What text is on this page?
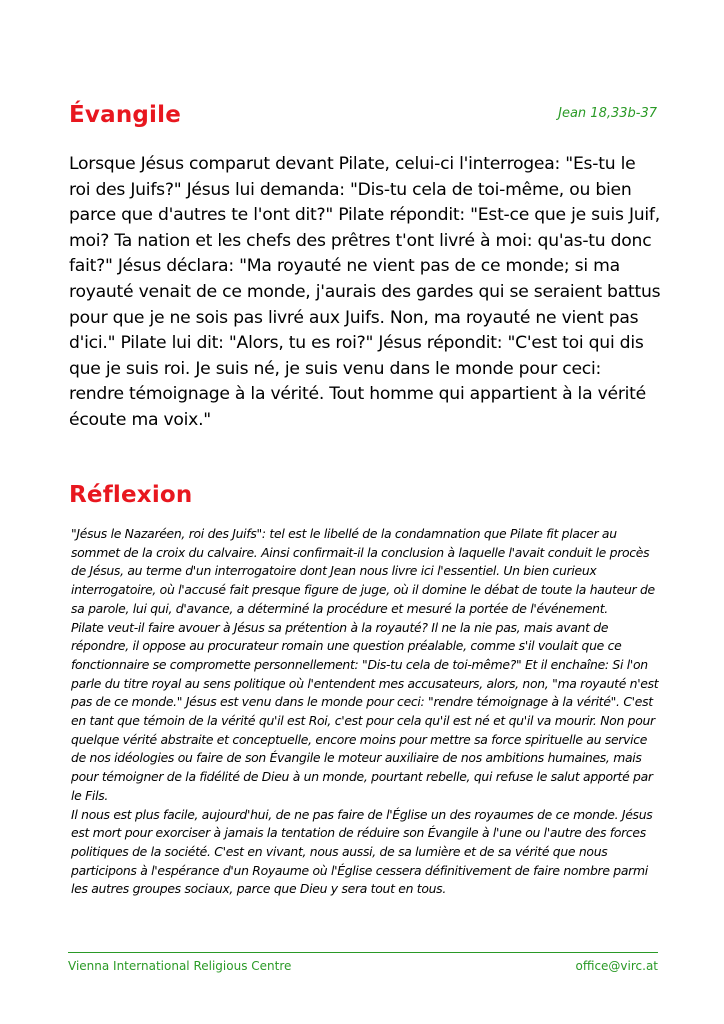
Évangile	Jean 18,33b-37

Lorsque Jésus comparut devant Pilate, celui-ci l'interrogea: "Es-tu le roi des Juifs?" Jésus lui demanda: "Dis-tu cela de toi-même, ou bien parce que d'autres te l'ont dit?" Pilate répondit: "Est-ce que je suis Juif, moi? Ta nation et les chefs des prêtres t'ont livré à moi: qu'as-tu donc fait?" Jésus déclara: "Ma royauté ne vient pas de ce monde; si ma royauté venait de ce monde, j'aurais des gardes qui se seraient battus pour que je ne sois pas livré aux Juifs. Non, ma royauté ne vient pas d'ici." Pilate lui dit: "Alors, tu es roi?" Jésus répondit: "C'est toi qui dis que je suis roi. Je suis né, je suis venu dans le monde pour ceci: rendre témoignage à la vérité. Tout homme qui appartient à la vérité écoute ma voix."

Réflexion

"Jésus le Nazaréen, roi des Juifs": tel est le libellé de la condamnation que Pilate fit placer au sommet de la croix du calvaire. Ainsi confirmait-il la conclusion à laquelle l'avait conduit le procès de Jésus, au terme d'un interrogatoire dont Jean nous livre ici l'essentiel. Un bien curieux interrogatoire, où l'accusé fait presque figure de juge, où il domine le débat de toute la hauteur de sa parole, lui qui, d'avance, a déterminé la procédure et mesuré la portée de l'événement.

Pilate veut-il faire avouer à Jésus sa prétention à la royauté? Il ne la nie pas, mais avant de répondre, il oppose au procurateur romain une question préalable, comme s'il voulait que ce fonctionnaire se compromette personnellement: "Dis-tu cela de toi-même?" Et il enchaîne: Si l'on parle du titre royal au sens politique où l'entendent mes accusateurs, alors, non, "ma royauté n'est pas de ce monde." Jésus est venu dans le monde pour ceci: "rendre témoignage à la vérité". C'est en tant que témoin de la vérité qu'il est Roi, c'est pour cela qu'il est né et qu'il va mourir. Non pour quelque vérité abstraite et conceptuelle, encore moins pour mettre sa force spirituelle au service de nos idéologies ou faire de son Évangile le moteur auxiliaire de nos ambitions humaines, mais pour témoigner de la fidélité de Dieu à un monde, pourtant rebelle, qui refuse le salut apporté par le Fils.

Il nous est plus facile, aujourd'hui, de ne pas faire de l'Église un des royaumes de ce monde. Jésus est mort pour exorciser à jamais la tentation de réduire son Évangile à l'une ou l'autre des forces politiques de la société. C'est en vivant, nous aussi, de sa lumière et de sa vérité que nous participons à l'espérance d'un Royaume où l'Église cessera définitivement de faire nombre parmi les autres groupes sociaux, parce que Dieu y sera tout en tous.

Vienna International Religious Centre	office@virc.at
